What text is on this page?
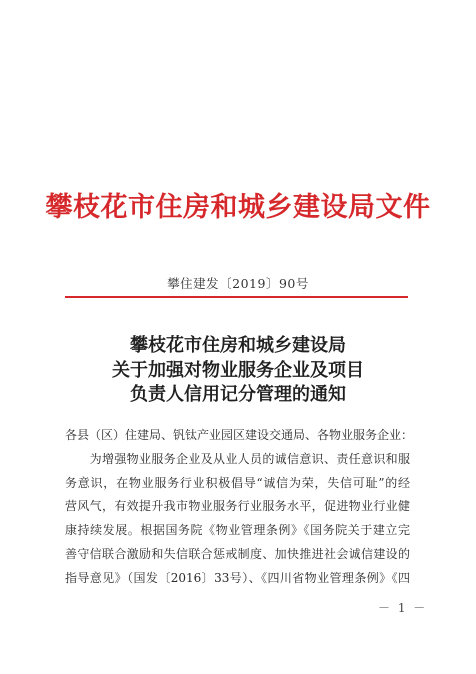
攀枝花市住房和城乡建设局文件
攀住建发〔2019〕90号
攀枝花市住房和城乡建设局
关于加强对物业服务企业及项目
负责人信用记分管理的通知
各县（区）住建局、钒钛产业园区建设交通局、各物业服务企业：
　　为增强物业服务企业及从业人员的诚信意识、责任意识和服
务意识，在物业服务行业积极倡导“诚信为荣，失信可耻”的经
营风气，有效提升我市物业服务行业服务水平，促进物业行业健
康持续发展。根据国务院《物业管理条例》《国务院关于建立完
善守信联合激励和失信联合惩戒制度、加快推进社会诚信建设的
指导意见》（国发〔2016〕33号）、《四川省物业管理条例》《四
－ 1 －
